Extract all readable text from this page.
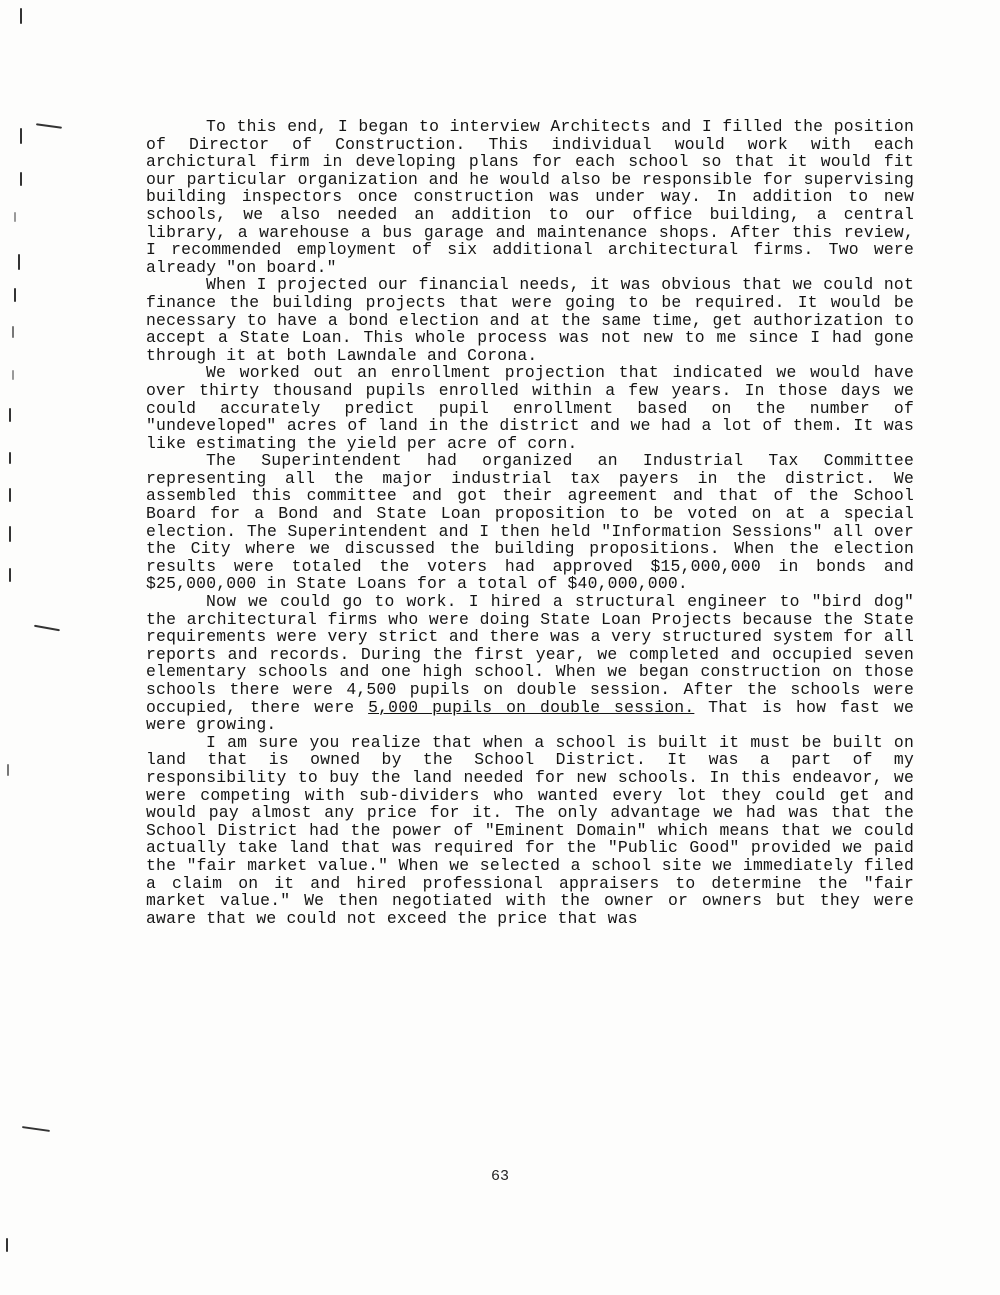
To this end, I began to interview Architects and I filled the position of Director of Construction. This individual would work with each archictural firm in developing plans for each school so that it would fit our particular organization and he would also be responsible for supervising building inspectors once construction was under way. In addition to new schools, we also needed an addition to our office building, a central library, a warehouse a bus garage and maintenance shops. After this review, I recommended employment of six additional architectural firms. Two were already "on board."

When I projected our financial needs, it was obvious that we could not finance the building projects that were going to be required. It would be necessary to have a bond election and at the same time, get authorization to accept a State Loan. This whole process was not new to me since I had gone through it at both Lawndale and Corona.

We worked out an enrollment projection that indicated we would have over thirty thousand pupils enrolled within a few years. In those days we could accurately predict pupil enrollment based on the number of "undeveloped" acres of land in the district and we had a lot of them. It was like estimating the yield per acre of corn.

The Superintendent had organized an Industrial Tax Committee representing all the major industrial tax payers in the district. We assembled this committee and got their agreement and that of the School Board for a Bond and State Loan proposition to be voted on at a special election. The Superintendent and I then held "Information Sessions" all over the City where we discussed the building propositions. When the election results were totaled the voters had approved $15,000,000 in bonds and $25,000,000 in State Loans for a total of $40,000,000.

Now we could go to work. I hired a structural engineer to "bird dog" the architectural firms who were doing State Loan Projects because the State requirements were very strict and there was a very structured system for all reports and records. During the first year, we completed and occupied seven elementary schools and one high school. When we began construction on those schools there were 4,500 pupils on double session. After the schools were occupied, there were 5,000 pupils on double session. That is how fast we were growing.

I am sure you realize that when a school is built it must be built on land that is owned by the School District. It was a part of my responsibility to buy the land needed for new schools. In this endeavor, we were competing with sub-dividers who wanted every lot they could get and would pay almost any price for it. The only advantage we had was that the School District had the power of "Eminent Domain" which means that we could actually take land that was required for the "Public Good" provided we paid the "fair market value." When we selected a school site we immediately filed a claim on it and hired professional appraisers to determine the "fair market value." We then negotiated with the owner or owners but they were aware that we could not exceed the price that was

63
